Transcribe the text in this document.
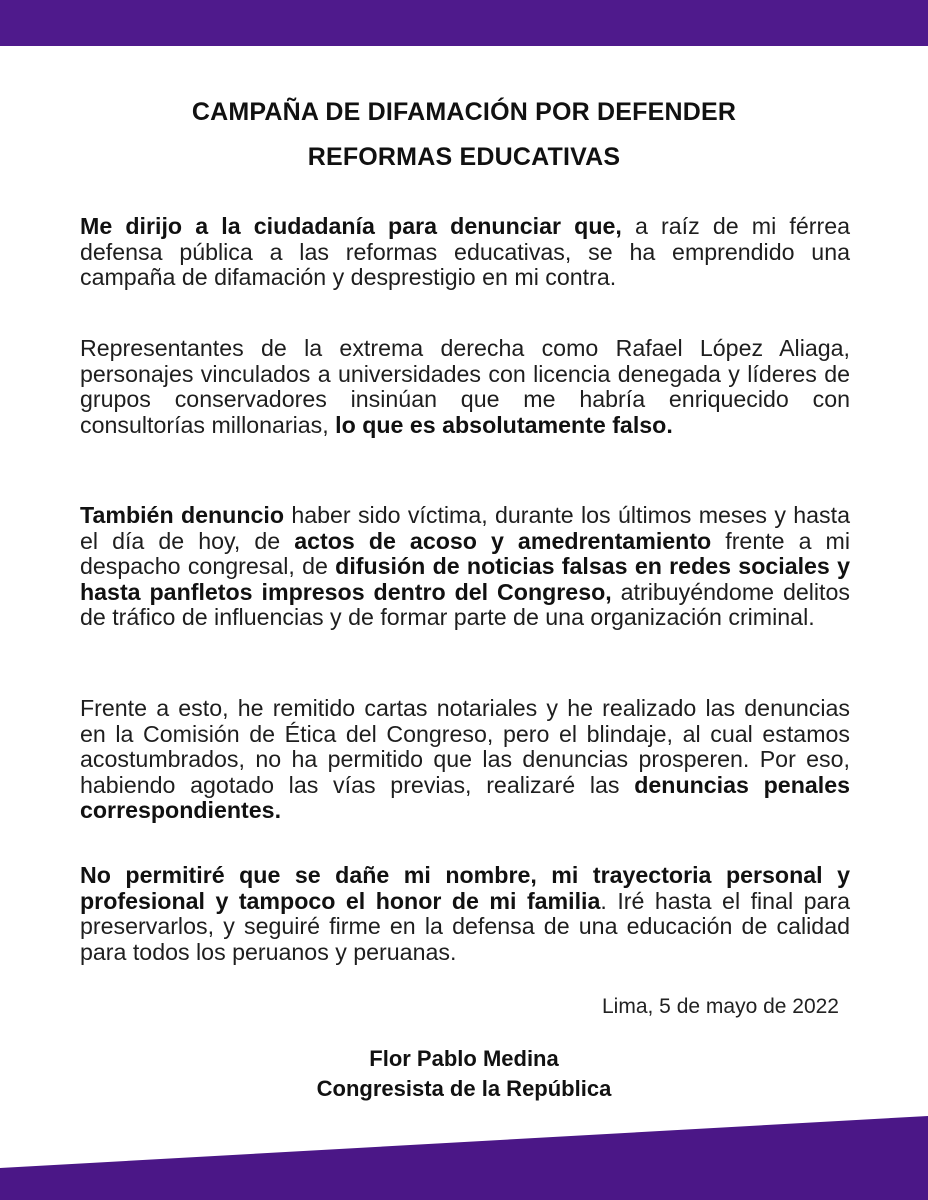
CAMPAÑA DE DIFAMACIÓN POR DEFENDER
REFORMAS EDUCATIVAS
Me dirijo a la ciudadanía para denunciar que, a raíz de mi férrea defensa pública a las reformas educativas, se ha emprendido una campaña de difamación y desprestigio en mi contra.
Representantes de la extrema derecha como Rafael López Aliaga, personajes vinculados a universidades con licencia denegada y líderes de grupos conservadores insinúan que me habría enriquecido con consultorías millonarias, lo que es absolutamente falso.
También denuncio haber sido víctima, durante los últimos meses y hasta el día de hoy, de actos de acoso y amedrentamiento frente a mi despacho congresal, de difusión de noticias falsas en redes sociales y hasta panfletos impresos dentro del Congreso, atribuyéndome delitos de tráfico de influencias y de formar parte de una organización criminal.
Frente a esto, he remitido cartas notariales y he realizado las denuncias en la Comisión de Ética del Congreso, pero el blindaje, al cual estamos acostumbrados, no ha permitido que las denuncias prosperen. Por eso, habiendo agotado las vías previas, realizaré las denuncias penales correspondientes.
No permitiré que se dañe mi nombre, mi trayectoria personal y profesional y tampoco el honor de mi familia. Iré hasta el final para preservarlos, y seguiré firme en la defensa de una educación de calidad para todos los peruanos y peruanas.
Lima, 5 de mayo de 2022
Flor Pablo Medina
Congresista de la República
